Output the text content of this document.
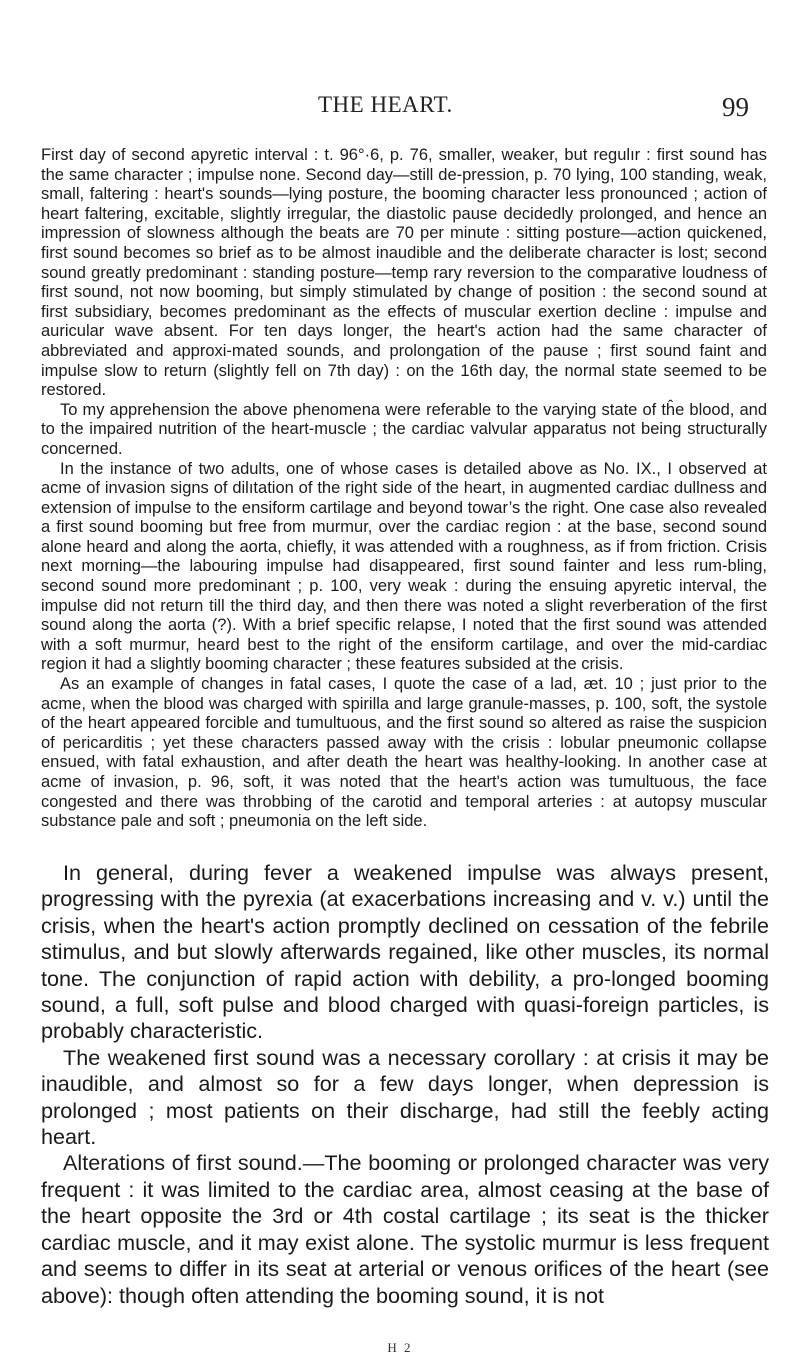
THE HEART.	99

First day of second apyretic interval : t. 96°·6, p. 76, smaller, weaker, but regulır : first sound has the same character ; impulse none. Second day—still de-pression, p. 70 lying, 100 standing, weak, small, faltering : heart's sounds—lying posture, the booming character less pronounced ; action of heart faltering, excitable, slightly irregular, the diastolic pause decidedly prolonged, and hence an impression of slowness although the beats are 70 per minute : sitting posture—action quickened, first sound becomes so brief as to be almost inaudible and the deliberate character is lost; second sound greatly predominant : standing posture—temp rary reversion to the comparative loudness of first sound, not now booming, but simply stimulated by change of position : the second sound at first subsidiary, becomes predominant as the effects of muscular exertion decline : impulse and auricular wave absent. For ten days longer, the heart's action had the same character of abbreviated and approxi-mated sounds, and prolongation of the pause ; first sound faint and impulse slow to return (slightly fell on 7th day) : on the 16th day, the normal state seemed to be restored.

To my apprehension the above phenomena were referable to the varying state of tĥe blood, and to the impaired nutrition of the heart-muscle ; the cardiac valvular apparatus not being structurally concerned.

In the instance of two adults, one of whose cases is detailed above as No. IX., I observed at acme of invasion signs of dilıtation of the right side of the heart, in augmented cardiac dullness and extension of impulse to the ensiform cartilage and beyond towar’s the right. One case also revealed a first sound booming but free from murmur, over the cardiac region : at the base, second sound alone heard and along the aorta, chiefly, it was attended with a roughness, as if from friction. Crisis next morning—the labouring impulse had disappeared, first sound fainter and less rum-bling, second sound more predominant ; p. 100, very weak : during the ensuing apyretic interval, the impulse did not return till the third day, and then there was noted a slight reverberation of the first sound along the aorta (?). With a brief specific relapse, I noted that the first sound was attended with a soft murmur, heard best to the right of the ensiform cartilage, and over the mid-cardiac region it had a slightly booming character ; these features subsided at the crisis.

As an example of changes in fatal cases, I quote the case of a lad, æt. 10 ; just prior to the acme, when the blood was charged with spirilla and large granule-masses, p. 100, soft, the systole of the heart appeared forcible and tumultuous, and the first sound so altered as raise the suspicion of pericarditis ; yet these characters passed away with the crisis : lobular pneumonic collapse ensued, with fatal exhaustion, and after death the heart was healthy-looking. In another case at acme of invasion, p. 96, soft, it was noted that the heart's action was tumultuous, the face congested and there was throbbing of the carotid and temporal arteries : at autopsy muscular substance pale and soft ; pneumonia on the left side.

In general, during fever a weakened impulse was always present, progressing with the pyrexia (at exacerbations increasing and v. v.) until the crisis, when the heart's action promptly declined on cessation of the febrile stimulus, and but slowly afterwards regained, like other muscles, its normal tone. The conjunction of rapid action with debility, a pro-longed booming sound, a full, soft pulse and blood charged with quasi-foreign particles, is probably characteristic.

The weakened first sound was a necessary corollary : at crisis it may be inaudible, and almost so for a few days longer, when depression is prolonged ; most patients on their discharge, had still the feebly acting heart.

Alterations of first sound.—The booming or prolonged character was very frequent : it was limited to the cardiac area, almost ceasing at the base of the heart opposite the 3rd or 4th costal cartilage ; its seat is the thicker cardiac muscle, and it may exist alone. The systolic murmur is less frequent and seems to differ in its seat at arterial or venous orifices of the heart (see above): though often attending the booming sound, it is not

H 2
